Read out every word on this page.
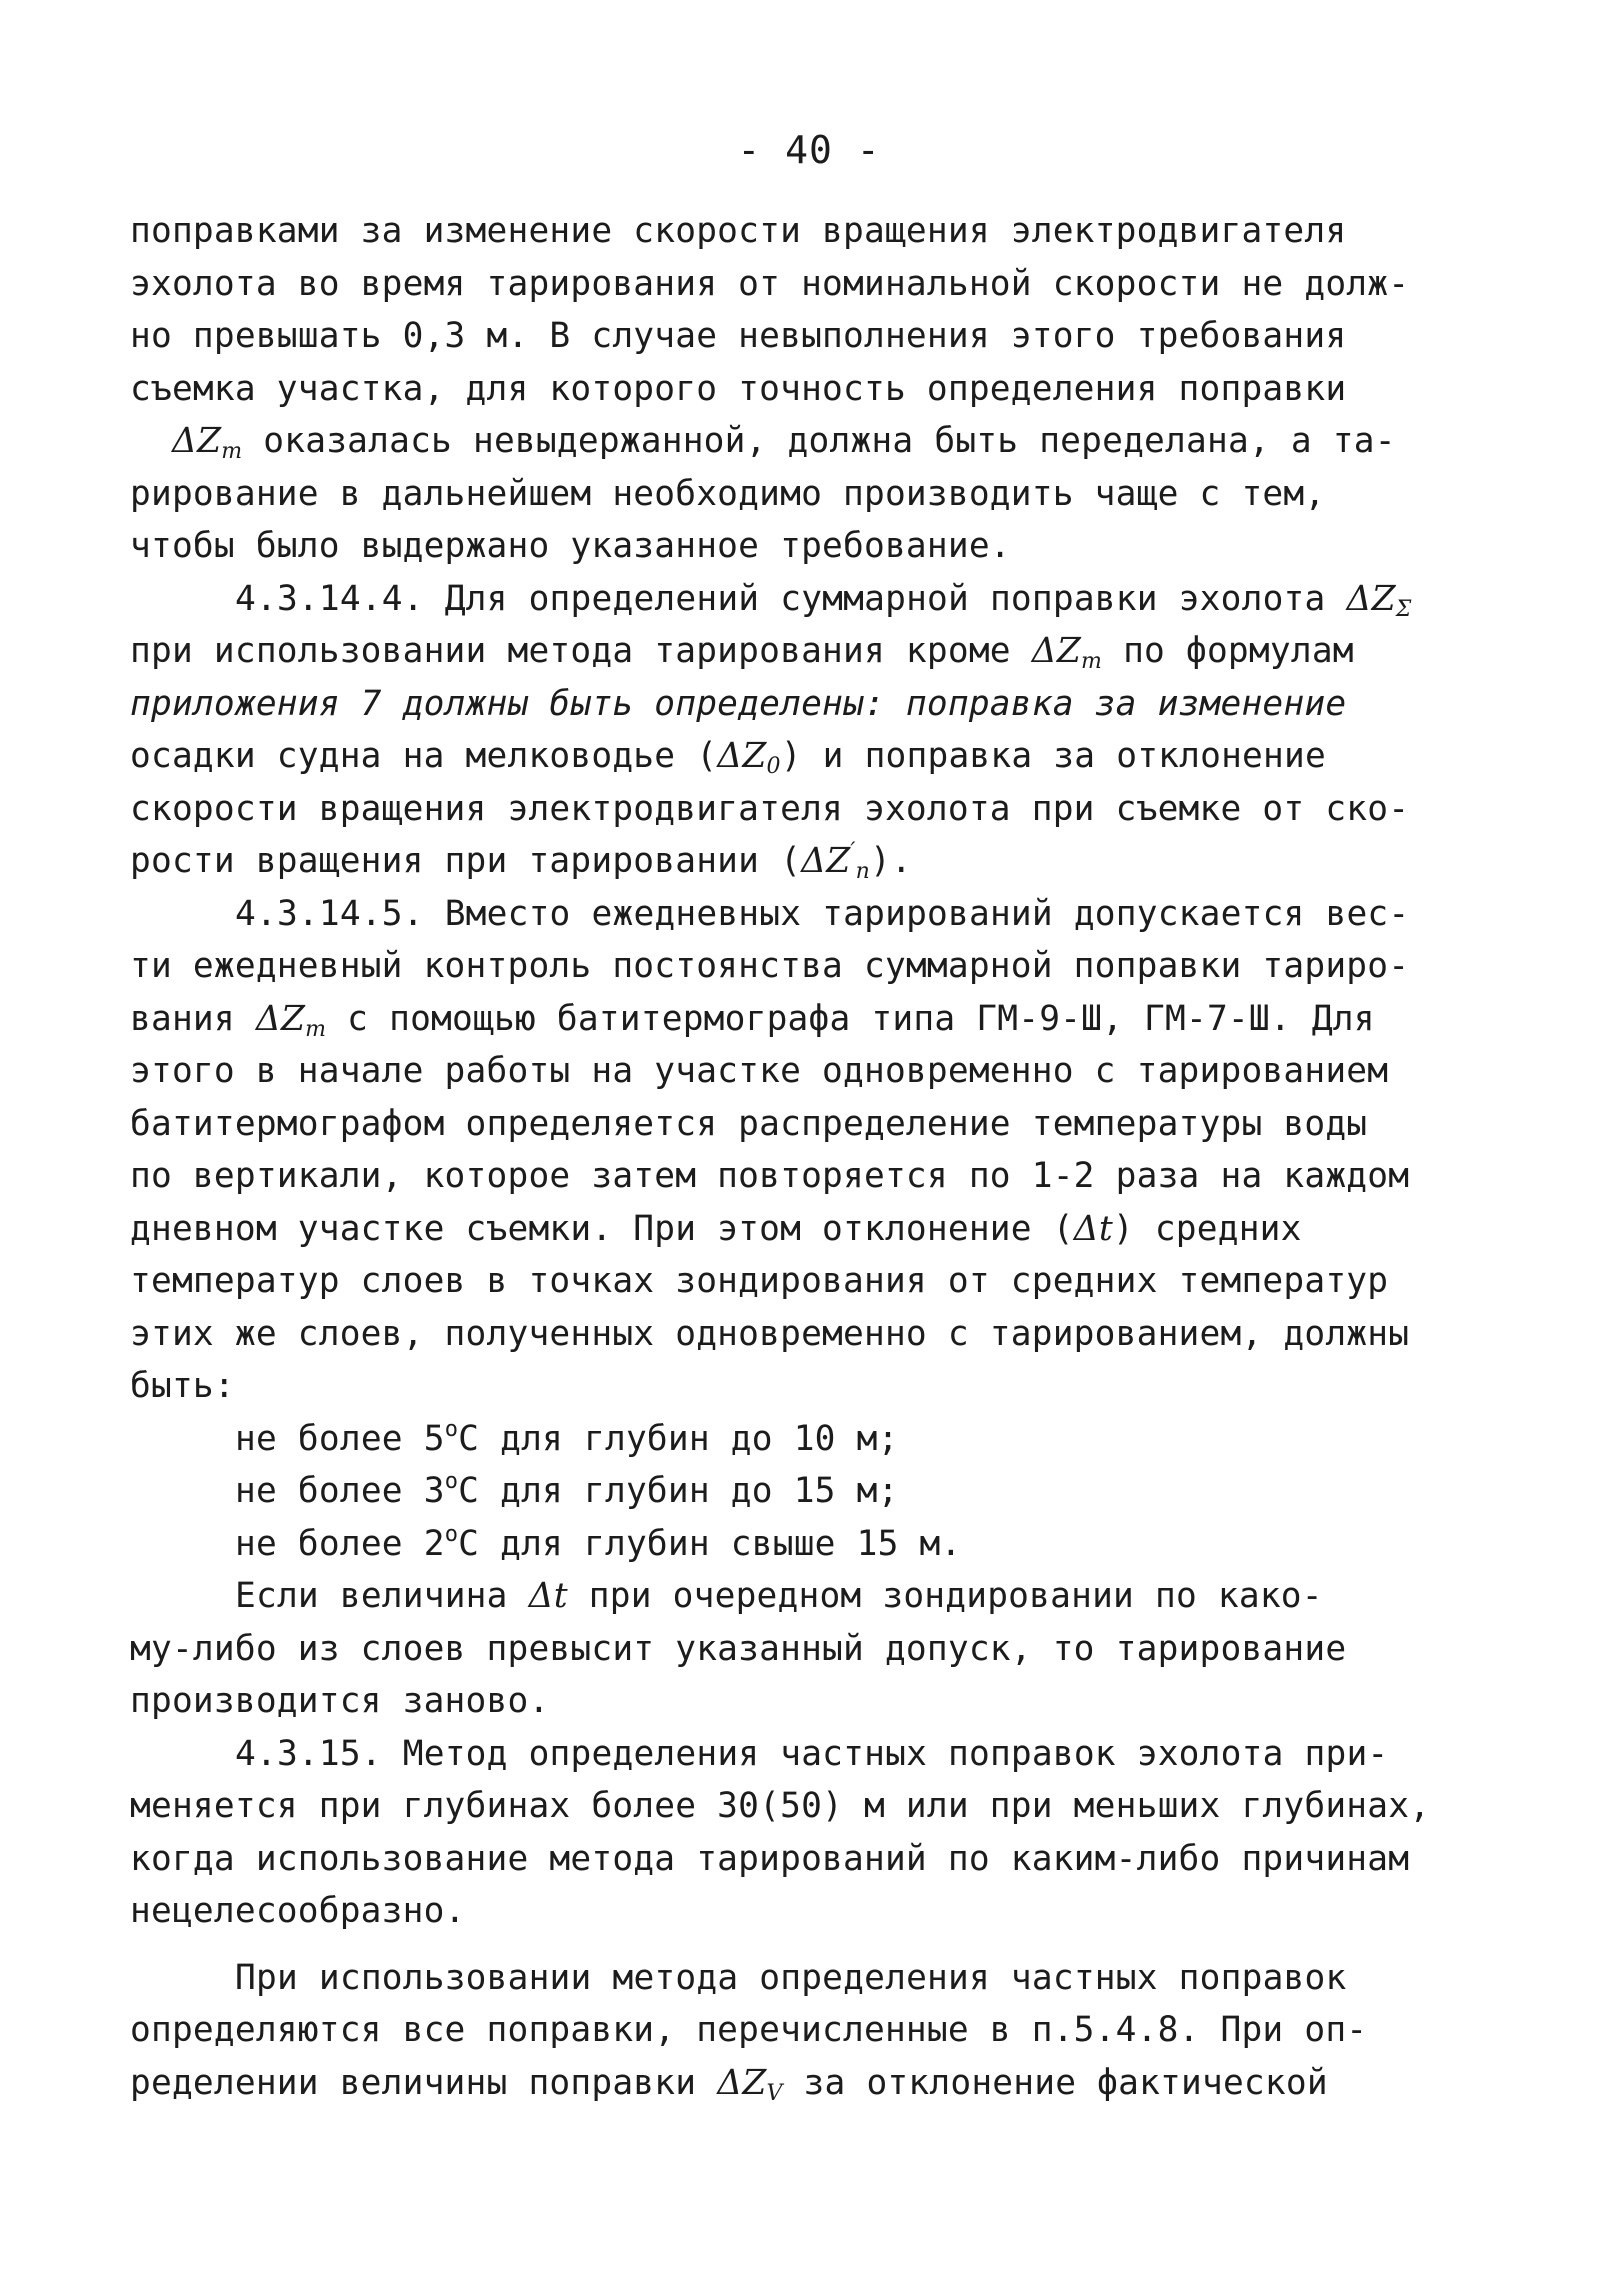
- 40 -
поправками за изменение скорости вращения электродвигателя
эхолота во время тарирования от номинальной скорости не долж-
но превышать 0,3 м. В случае невыполнения этого требования
съемка участка, для которого точность определения поправки
$\Delta Z_т$ оказалась невыдержанной, должна быть переделана, а та-
рирование в дальнейшем необходимо производить чаще с тем,
чтобы было выдержано указанное требование.
4.3.14.4. Для определений суммарной поправки эхолота $\Delta Z_\Sigma$
при использовании метода тарирования кроме $\Delta Z_т$ по формулам
приложения 7 должны быть определены: поправка за изменение
осадки судна на мелководье $(\Delta Z_0)$ и поправка за отклонение
скорости вращения электродвигателя эхолота при съемке от ско-
рости вращения при тарировании $(\Delta Z'_п)$.
4.3.14.5. Вместо ежедневных тарирований допускается вес-
ти ежедневный контроль постоянства суммарной поправки тариро-
вания $\Delta Z_т$ с помощью батитермографа типа ГМ-9-Ш, ГМ-7-Ш. Для
этого в начале работы на участке одновременно с тарированием
батитермографом определяется распределение температуры воды
по вертикали, которое затем повторяется по 1-2 раза на каждом
дневном участке съемки. При этом отклонение (Δt) средних
температур слоев в точках зондирования от средних температур
этих же слоев, полученных одновременно с тарированием, должны
быть:
не более 5$^o$С для глубин до 10 м;
не более 3$^o$С для глубин до 15 м;
не более 2$^o$С для глубин свыше 15 м.
Если величина Δt при очередном зондировании по како-
му-либо из слоев превысит указанный допуск, то тарирование
производится заново.
4.3.15. Метод определения частных поправок эхолота при-
меняется при глубинах более 30(50) м или при меньших глубинах,
когда использование метода тарирований по каким-либо причинам
нецелесообразно.
При использовании метода определения частных поправок
определяются все поправки, перечисленные в п.5.4.8. При оп-
ределении величины поправки $\Delta Z_V$ за отклонение фактической
